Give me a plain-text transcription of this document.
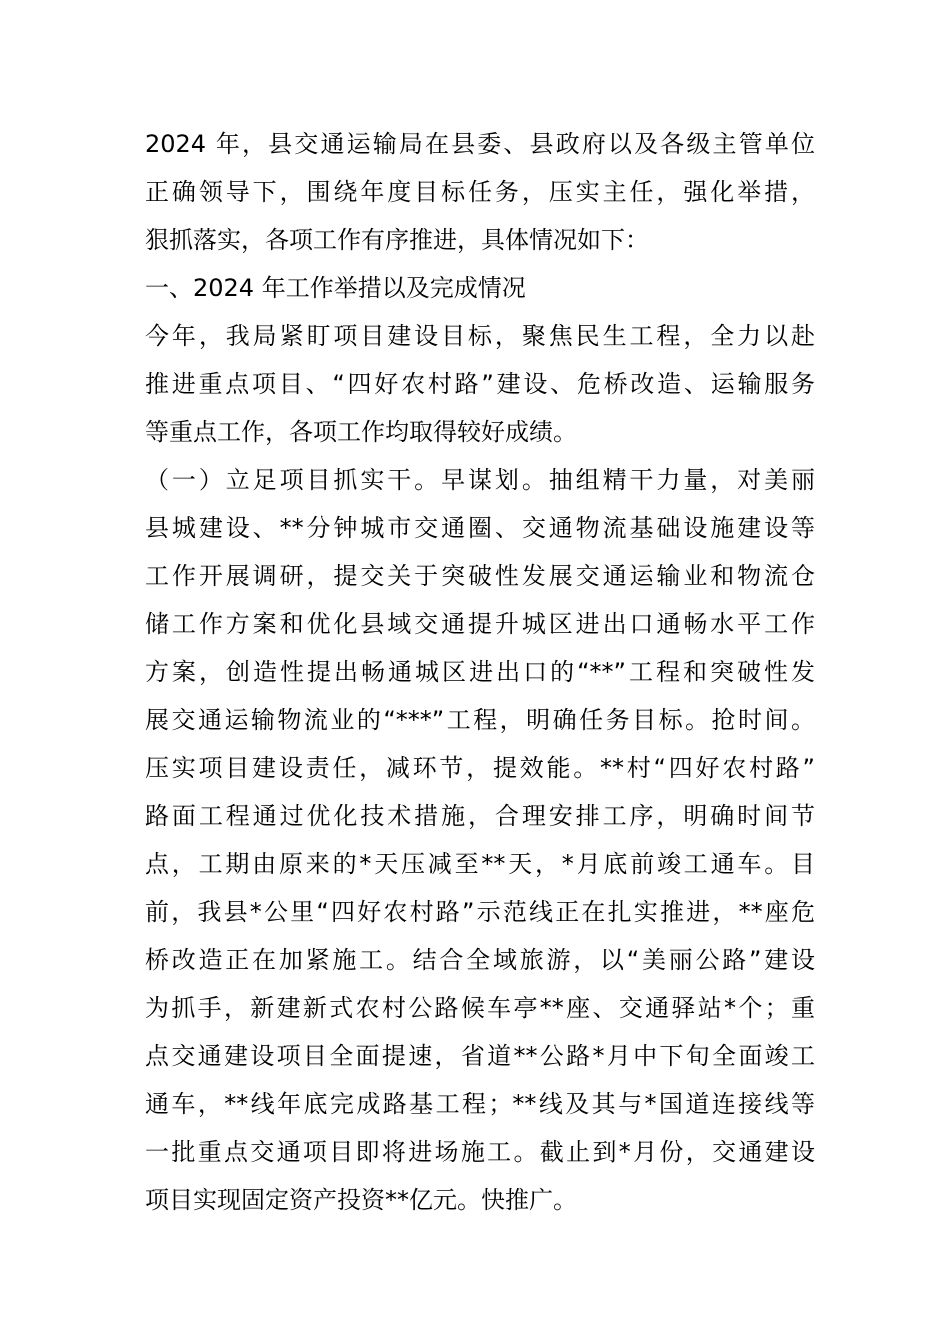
2024 年，县交通运输局在县委、县政府以及各级主管单位
正确领导下，围绕年度目标任务，压实主任，强化举措，
狠抓落实，各项工作有序推进，具体情况如下：
一、2024 年工作举措以及完成情况
今年，我局紧盯项目建设目标，聚焦民生工程，全力以赴
推进重点项目、“四好农村路”建设、危桥改造、运输服务
等重点工作，各项工作均取得较好成绩。
（一）立足项目抓实干。早谋划。抽组精干力量，对美丽
县城建设、**分钟城市交通圈、交通物流基础设施建设等
工作开展调研，提交关于突破性发展交通运输业和物流仓
储工作方案和优化县域交通提升城区进出口通畅水平工作
方案，创造性提出畅通城区进出口的“**”工程和突破性发
展交通运输物流业的“***”工程，明确任务目标。抢时间。
压实项目建设责任，减环节，提效能。**村“四好农村路”
路面工程通过优化技术措施，合理安排工序，明确时间节
点，工期由原来的*天压减至**天，*月底前竣工通车。目
前，我县*公里“四好农村路”示范线正在扎实推进，**座危
桥改造正在加紧施工。结合全域旅游，以“美丽公路”建设
为抓手，新建新式农村公路候车亭**座、交通驿站*个；重
点交通建设项目全面提速，省道**公路*月中下旬全面竣工
通车，**线年底完成路基工程；**线及其与*国道连接线等
一批重点交通项目即将进场施工。截止到*月份，交通建设
项目实现固定资产投资**亿元。快推广。
